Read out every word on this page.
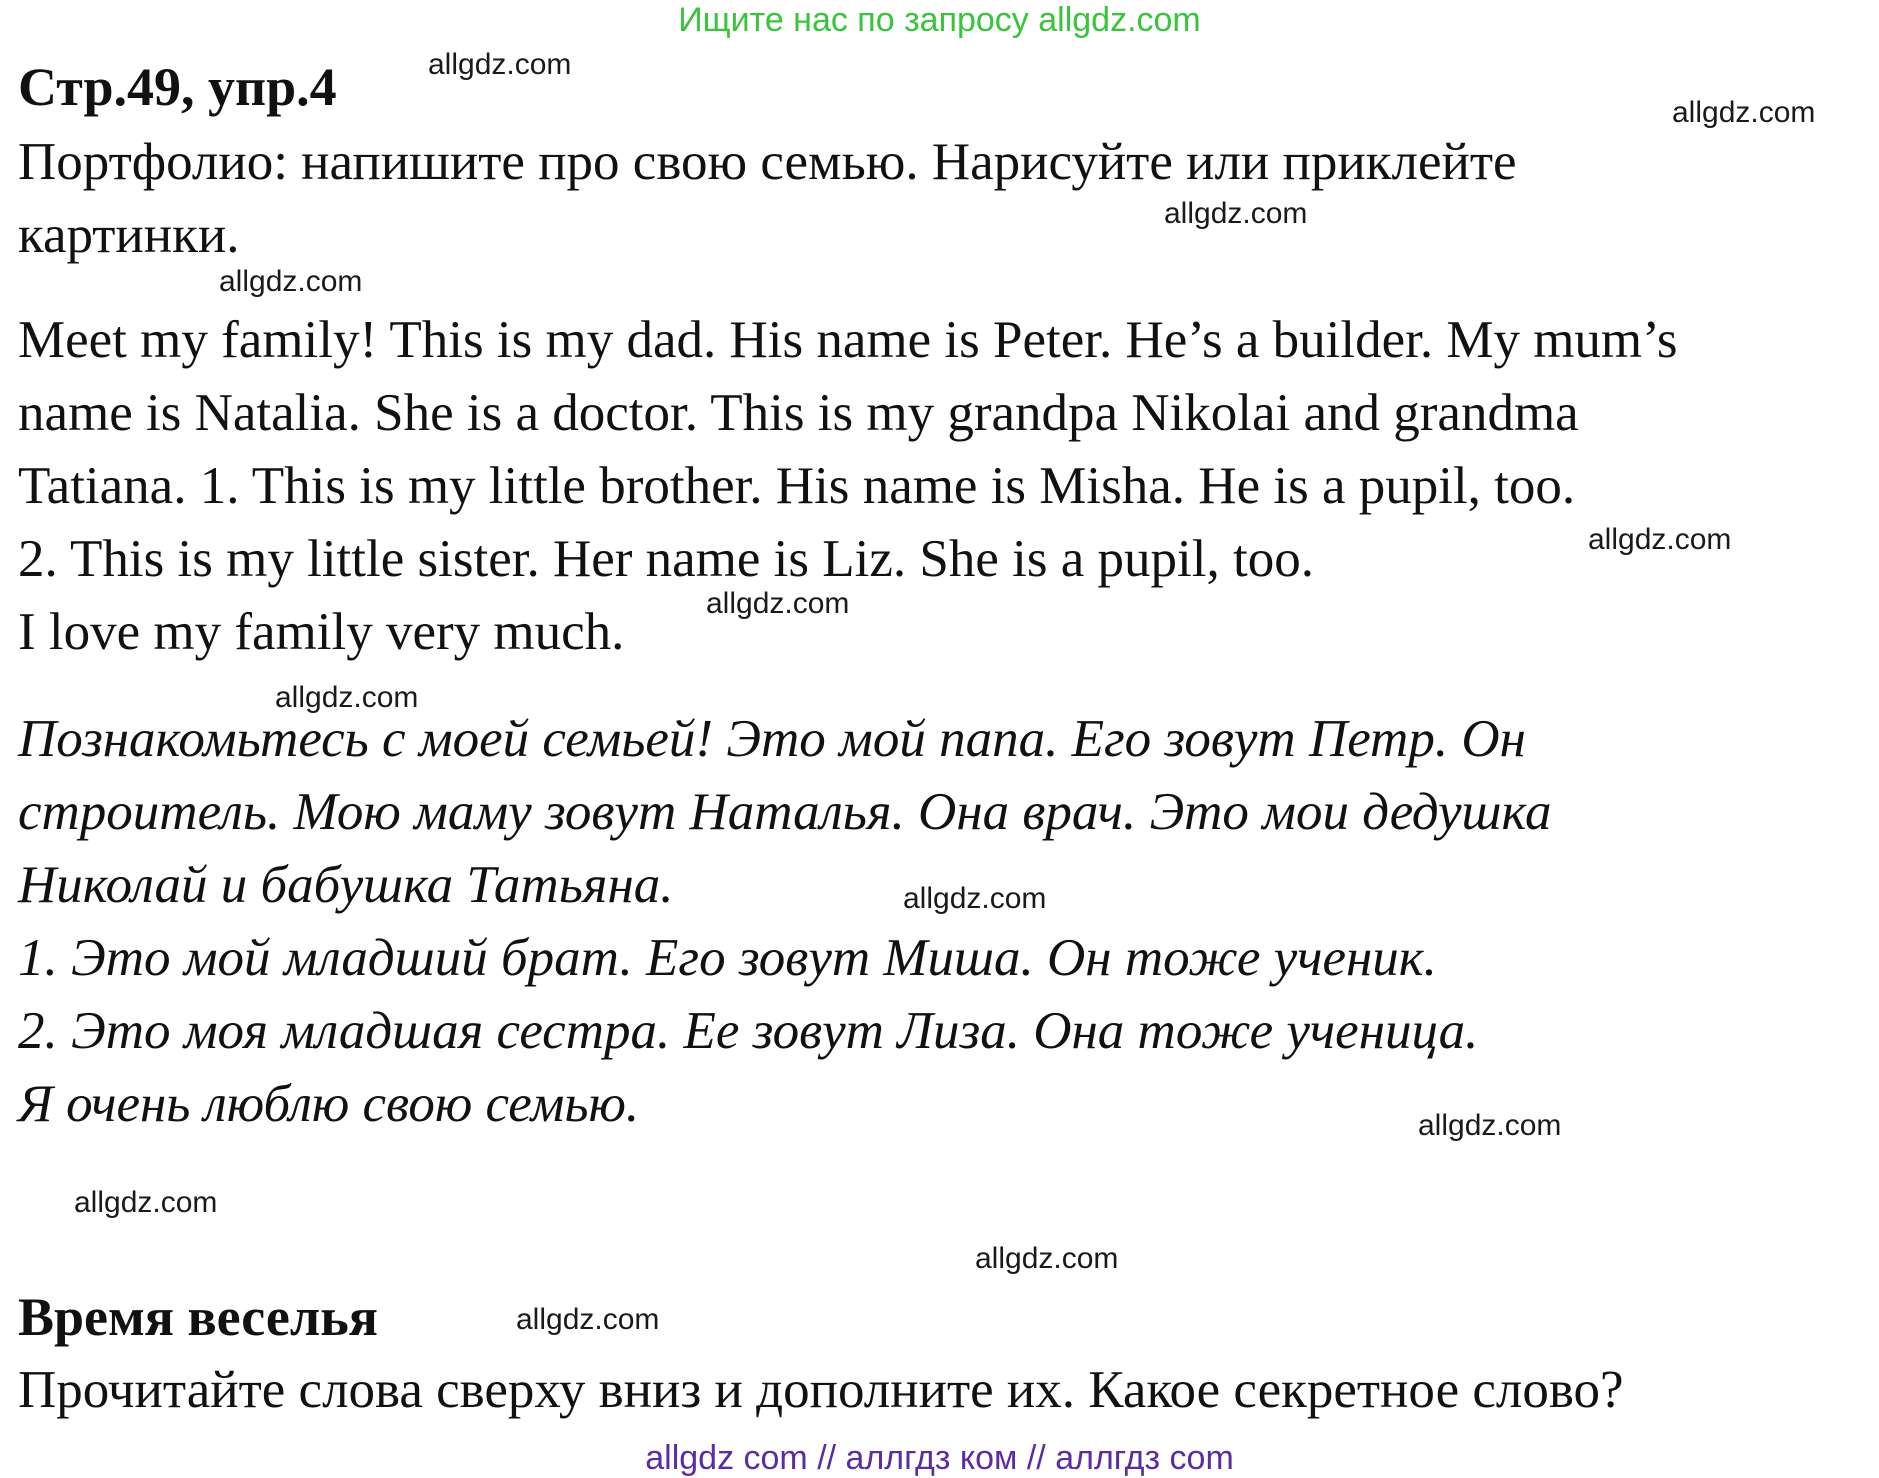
Ищите нас по запросу allgdz.com
Стр.49, упр.4
Портфолио: напишите про свою семью. Нарисуйте или приклейте
картинки.
Meet my family! This is my dad. His name is Peter. He’s a builder. My mum’s
name is Natalia. She is a doctor. This is my grandpa Nikolai and grandma
Tatiana. 1. This is my little brother. His name is Misha. He is a pupil, too.
2. This is my little sister. Her name is Liz. She is a pupil, too.
I love my family very much.
Познакомьтесь с моей семьей! Это мой папа. Его зовут Петр. Он
строитель. Мою маму зовут Наталья. Она врач. Это мои дедушка
Николай и бабушка Татьяна.
1. Это мой младший брат. Его зовут Миша. Он тоже ученик.
2. Это моя младшая сестра. Ее зовут Лиза. Она тоже ученица.
Я очень люблю свою семью.
Время веселья
Прочитайте слова сверху вниз и дополните их. Какое секретное слово?
allgdz.com
allgdz.com
allgdz.com
allgdz.com
allgdz.com
allgdz.com
allgdz.com
allgdz.com
allgdz.com
allgdz.com
allgdz.com
allgdz.com
allgdz com // аллгдз ком // аллгдз com
